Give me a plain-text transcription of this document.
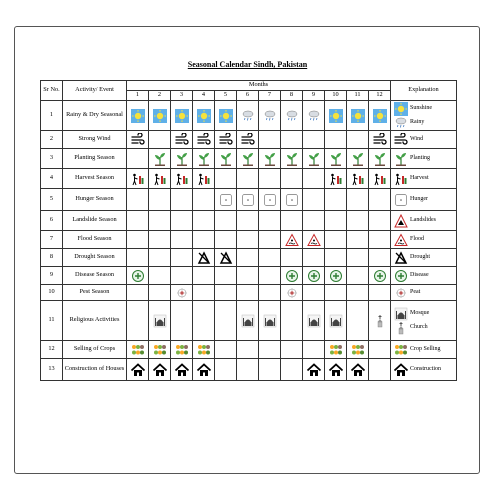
Seasonal Calendar Sindh, Pakistan
Sr No.	Activity/ Event	Months												Explanation
		1	2	3	4	5	6	7	8	9	10	11	12	
1	Rainy & Dry Seasonal													Sunshine
Rainy

2	Strong Wind													Wind

3	Planting Season													Planting

4	Harvest Season													Harvest

5	Hunger Season													Hunger

6	Landslide Season													Landslides

7	Flood Season													Flood

8	Drought Season													Drought

9	Disease Season													Disease

10	Pest Season													Peat

11	Religious Activities													Mosque
Church

12	Selling of Crops													Crop Selling

13	Construction of Houses													Construction
